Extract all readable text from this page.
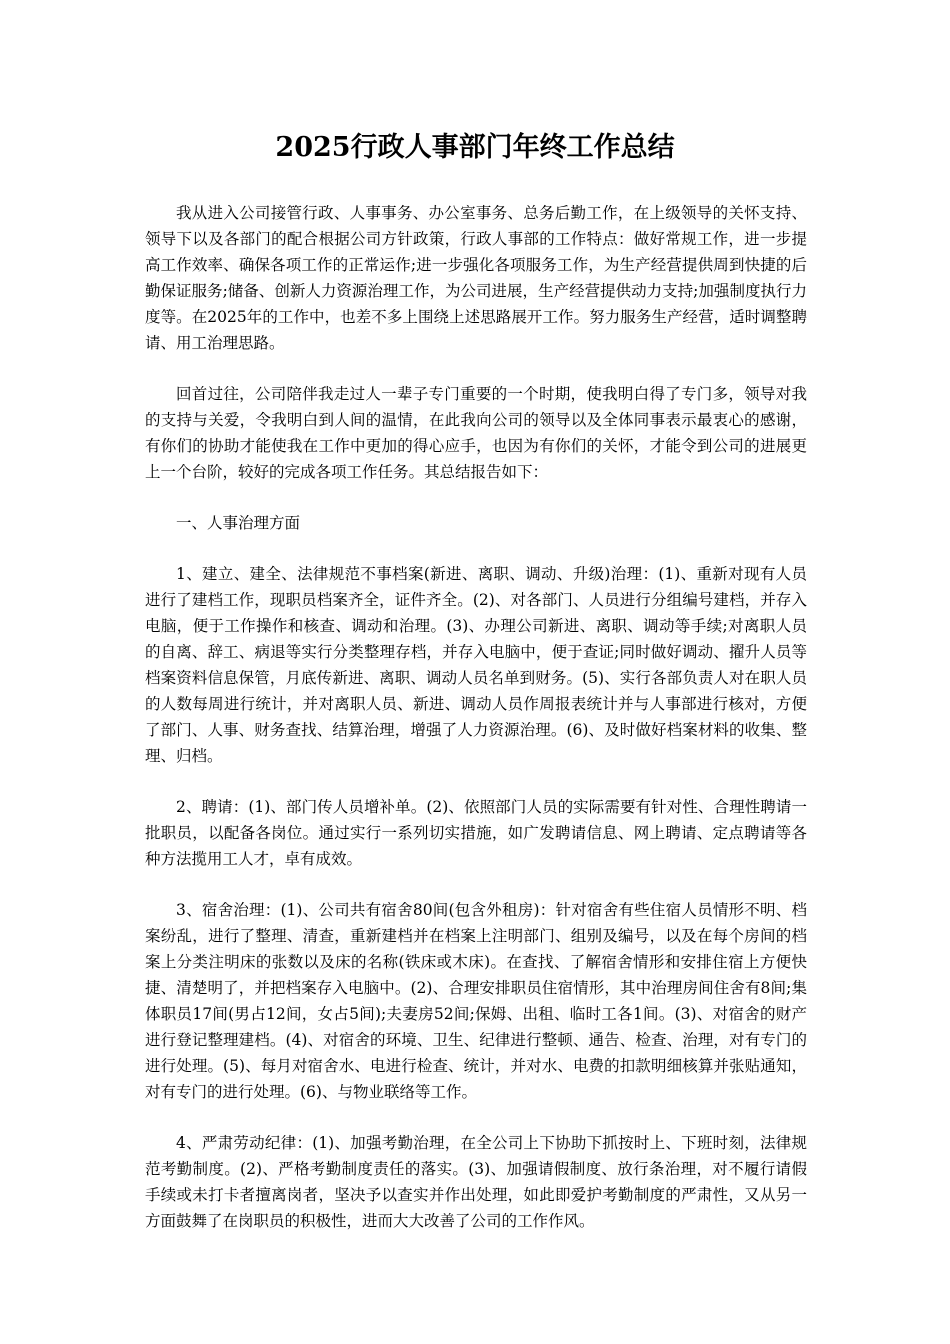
2025行政人事部门年终工作总结

我从进入公司接管行政、人事事务、办公室事务、总务后勤工作，在上级领导的关怀支持、领导下以及各部门的配合根据公司方针政策，行政人事部的工作特点：做好常规工作，进一步提高工作效率、确保各项工作的正常运作;进一步强化各项服务工作，为生产经营提供周到快捷的后勤保证服务;储备、创新人力资源治理工作，为公司进展，生产经营提供动力支持;加强制度执行力度等。在2025年的工作中，也差不多上围绕上述思路展开工作。努力服务生产经营，适时调整聘请、用工治理思路。

回首过往，公司陪伴我走过人一辈子专门重要的一个时期，使我明白得了专门多，领导对我的支持与关爱，令我明白到人间的温情，在此我向公司的领导以及全体同事表示最衷心的感谢，有你们的协助才能使我在工作中更加的得心应手，也因为有你们的关怀，才能令到公司的进展更上一个台阶，较好的完成各项工作任务。其总结报告如下：

一、人事治理方面

1、建立、建全、法律规范不事档案(新进、离职、调动、升级)治理：(1)、重新对现有人员进行了建档工作，现职员档案齐全，证件齐全。(2)、对各部门、人员进行分组编号建档，并存入电脑，便于工作操作和核查、调动和治理。(3)、办理公司新进、离职、调动等手续;对离职人员的自离、辞工、病退等实行分类整理存档，并存入电脑中，便于查证;同时做好调动、擢升人员等档案资料信息保管，月底传新进、离职、调动人员名单到财务。(5)、实行各部负责人对在职人员的人数每周进行统计，并对离职人员、新进、调动人员作周报表统计并与人事部进行核对，方便了部门、人事、财务查找、结算治理，增强了人力资源治理。(6)、及时做好档案材料的收集、整理、归档。

2、聘请：(1)、部门传人员增补单。(2)、依照部门人员的实际需要有针对性、合理性聘请一批职员，以配备各岗位。通过实行一系列切实措施，如广发聘请信息、网上聘请、定点聘请等各种方法揽用工人才，卓有成效。

3、宿舍治理：(1)、公司共有宿舍80间(包含外租房)：针对宿舍有些住宿人员情形不明、档案纷乱，进行了整理、清查，重新建档并在档案上注明部门、组别及编号，以及在每个房间的档案上分类注明床的张数以及床的名称(铁床或木床)。在查找、了解宿舍情形和安排住宿上方便快捷、清楚明了，并把档案存入电脑中。(2)、合理安排职员住宿情形，其中治理房间住舍有8间;集体职员17间(男占12间，女占5间);夫妻房52间;保姆、出租、临时工各1间。(3)、对宿舍的财产进行登记整理建档。(4)、对宿舍的环境、卫生、纪律进行整顿、通告、检查、治理，对有专门的进行处理。(5)、每月对宿舍水、电进行检查、统计，并对水、电费的扣款明细核算并张贴通知，对有专门的进行处理。(6)、与物业联络等工作。

4、严肃劳动纪律：(1)、加强考勤治理，在全公司上下协助下抓按时上、下班时刻，法律规范考勤制度。(2)、严格考勤制度责任的落实。(3)、加强请假制度、放行条治理，对不履行请假手续或未打卡者擅离岗者，坚决予以查实并作出处理，如此即爱护考勤制度的严肃性，又从另一方面鼓舞了在岗职员的积极性，进而大大改善了公司的工作作风。
